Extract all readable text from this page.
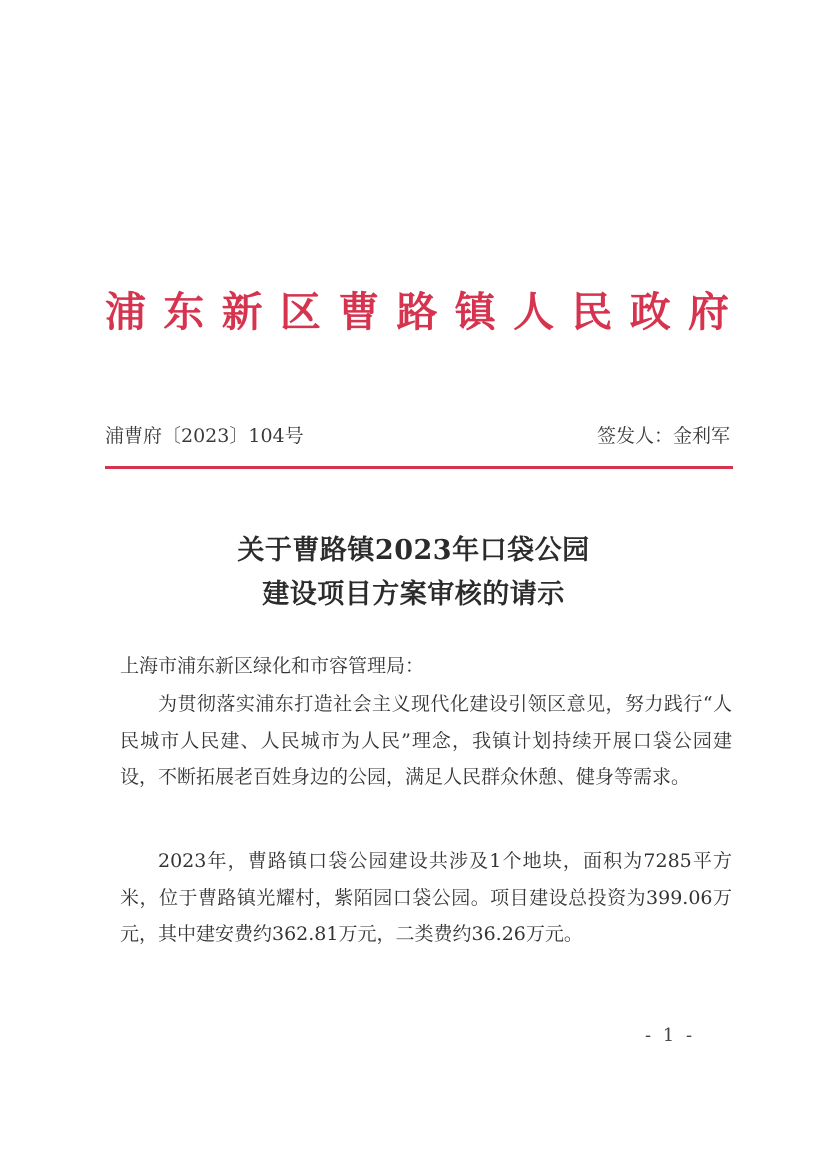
浦东新区曹路镇人民政府
浦曹府〔2023〕104号	签发人：金利军
关于曹路镇2023年口袋公园
建设项目方案审核的请示
上海市浦东新区绿化和市容管理局：
为贯彻落实浦东打造社会主义现代化建设引领区意见，努力践行“人民城市人民建、人民城市为人民”理念，我镇计划持续开展口袋公园建设，不断拓展老百姓身边的公园，满足人民群众休憩、健身等需求。
2023年，曹路镇口袋公园建设共涉及1个地块，面积为7285平方米，位于曹路镇光耀村，紫陌园口袋公园。项目建设总投资为399.06万元，其中建安费约362.81万元，二类费约36.26万元。
- 1 -
